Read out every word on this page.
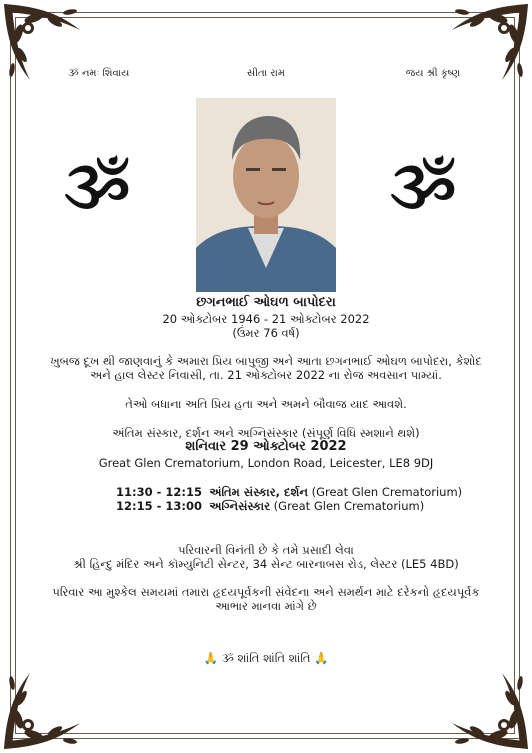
ૐ નમઃ શિવાય	સીતા રામ	જય શ્રી કૃષ્ણ
ૐ	ૐ
છગનભાઈ ઓઘળ બાપોદરા
20 ઓક્ટોબર 1946 - 21 ઓક્ટોબર 2022
(ઉંમર 76 વર્ષ)
ખુબજ દૂખ થી જાણવાનું કે અમારા પ્રિય બાપુજી અને આતા છગનભાઈ ઓઘળ બાપોદરા, કેશોદ
અને હાલ લેસ્ટર નિવાસી, તા. 21 ઓક્ટોબર 2022 ના રોજ અવસાન પામ્યાં.
તેઓ બધાના અતિ પ્રિય હતા અને અમને બૌવાજ યાદ આવશે.
અંતિમ સંસ્કાર, દર્શન અને અગ્નિસંસ્કાર (સંપૂર્ણ વિધિ સ્મશાને થશે)
શનિવાર 29 ઓક્ટોબર 2022
Great Glen Crematorium, London Road, Leicester, LE8 9DJ
11:30 - 12:15 અંતિમ સંસ્કાર, દર્શન (Great Glen Crematorium)
12:15 - 13:00 અગ્નિસંસ્કાર (Great Glen Crematorium)
પરિવારની વિનંતી છે કે તમે પ્રસાદી લેવા
શ્રી હિન્દુ મંદિર અને કૉમ્યુનિટી સેન્ટર, 34 સેન્ટ બારનાબસ રોડ, લેસ્ટર (LE5 4BD)
પરિવાર આ મુશ્કેલ સમયમાં તમારા હૃદયપૂર્વકની સંવેદના અને સમર્થન માટે દરેકનો હૃદયપૂર્વક
આભાર માનવા માંગે છે
🙏 ૐ શાંતિ શાંતિ શાંતિ 🙏
